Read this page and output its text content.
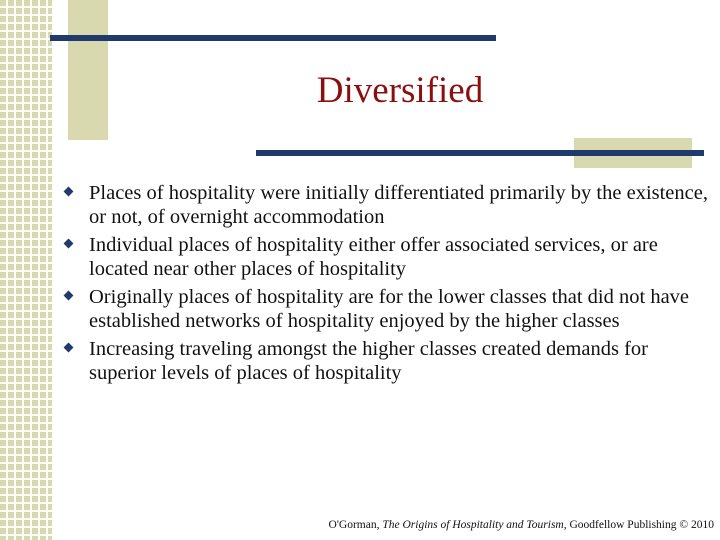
Diversified
Places of hospitality were initially differentiated primarily by the existence, or not, of overnight accommodation
Individual places of hospitality either offer associated services, or are located near other places of hospitality
Originally places of hospitality are for the lower classes that did not have established networks of hospitality enjoyed by the higher classes
Increasing traveling amongst the higher classes created demands for superior levels of places of hospitality
O'Gorman, The Origins of Hospitality and Tourism, Goodfellow Publishing © 2010
